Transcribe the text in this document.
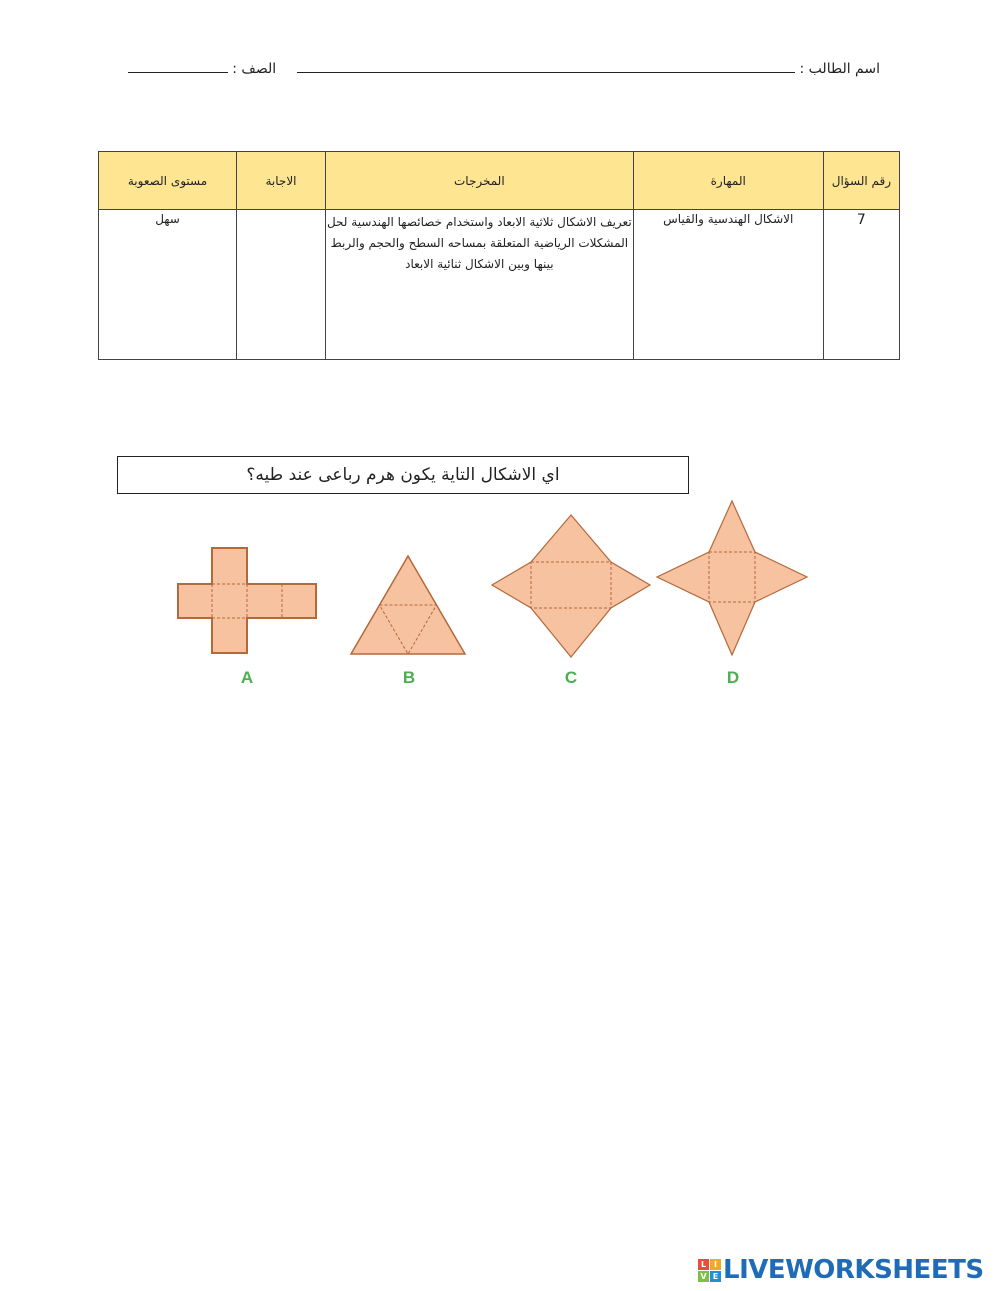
اسم الطالب :   الصف :
رقم السؤال	المهارة	المخرجات	الاجابة	مستوى الصعوبة
7	الاشكال الهندسية والقياس	تعريف الاشكال ثلاثية الابعاد واستخدام خصائصها الهندسية لحل المشكلات الرياضية المتعلقة بمساحه السطح والحجم والربط بينها وبين الاشكال ثنائية الابعاد		سهل
اي الاشكال التاية يكون هرم رباعى عند طيه؟
A	B	C	D
L I
V E LIVEWORKSHEETS
